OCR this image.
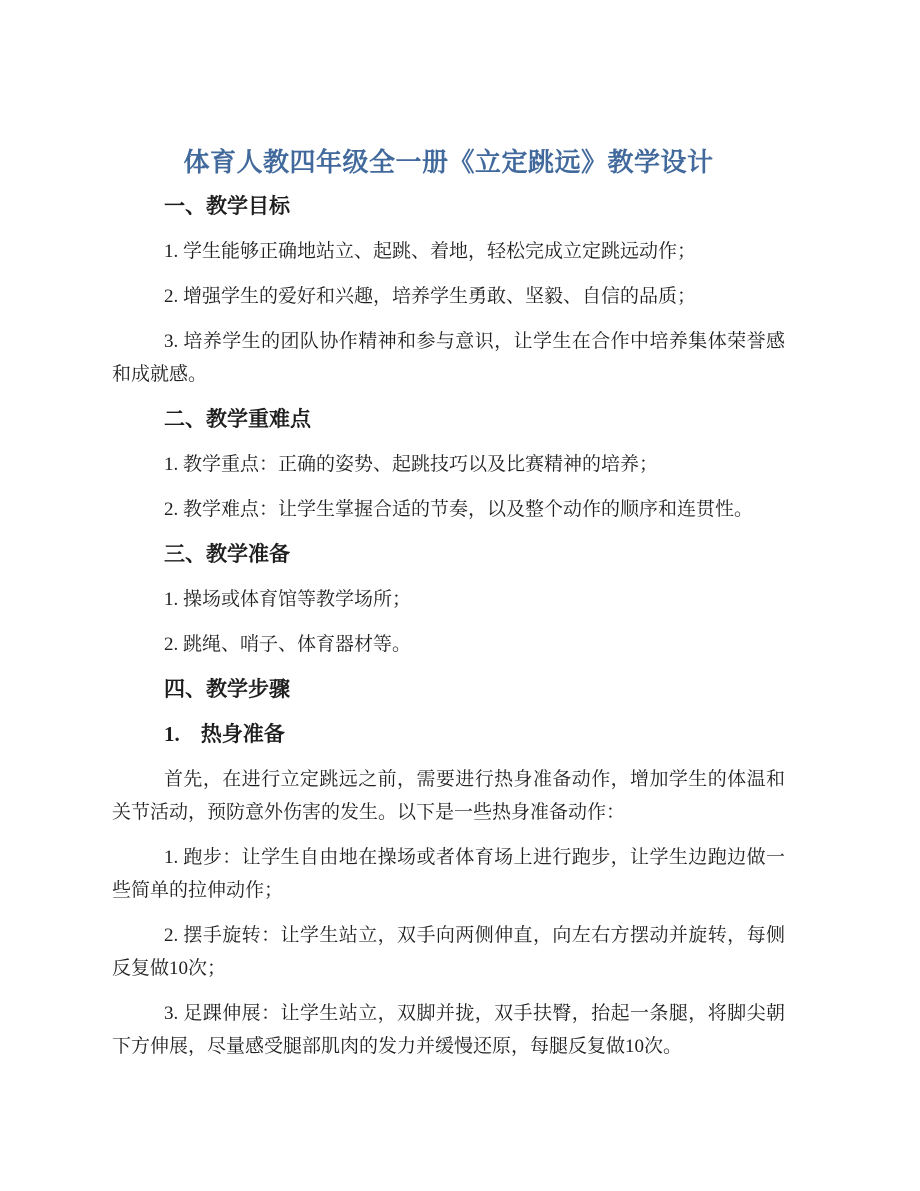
体育人教四年级全一册《立定跳远》教学设计
一、教学目标

1. 学生能够正确地站立、起跳、着地，轻松完成立定跳远动作；

2. 增强学生的爱好和兴趣，培养学生勇敢、坚毅、自信的品质；

3. 培养学生的团队协作精神和参与意识，让学生在合作中培养集体荣誉感和成就感。

二、教学重难点

1. 教学重点：正确的姿势、起跳技巧以及比赛精神的培养；

2. 教学难点：让学生掌握合适的节奏，以及整个动作的顺序和连贯性。

三、教学准备

1. 操场或体育馆等教学场所；

2. 跳绳、哨子、体育器材等。

四、教学步骤
1.　热身准备

首先，在进行立定跳远之前，需要进行热身准备动作，增加学生的体温和关节活动，预防意外伤害的发生。以下是一些热身准备动作：

1. 跑步：让学生自由地在操场或者体育场上进行跑步，让学生边跑边做一些简单的拉伸动作；

2. 摆手旋转：让学生站立，双手向两侧伸直，向左右方摆动并旋转，每侧反复做10次；

3. 足踝伸展：让学生站立，双脚并拢，双手扶臀，抬起一条腿，将脚尖朝下方伸展，尽量感受腿部肌肉的发力并缓慢还原，每腿反复做10次。
